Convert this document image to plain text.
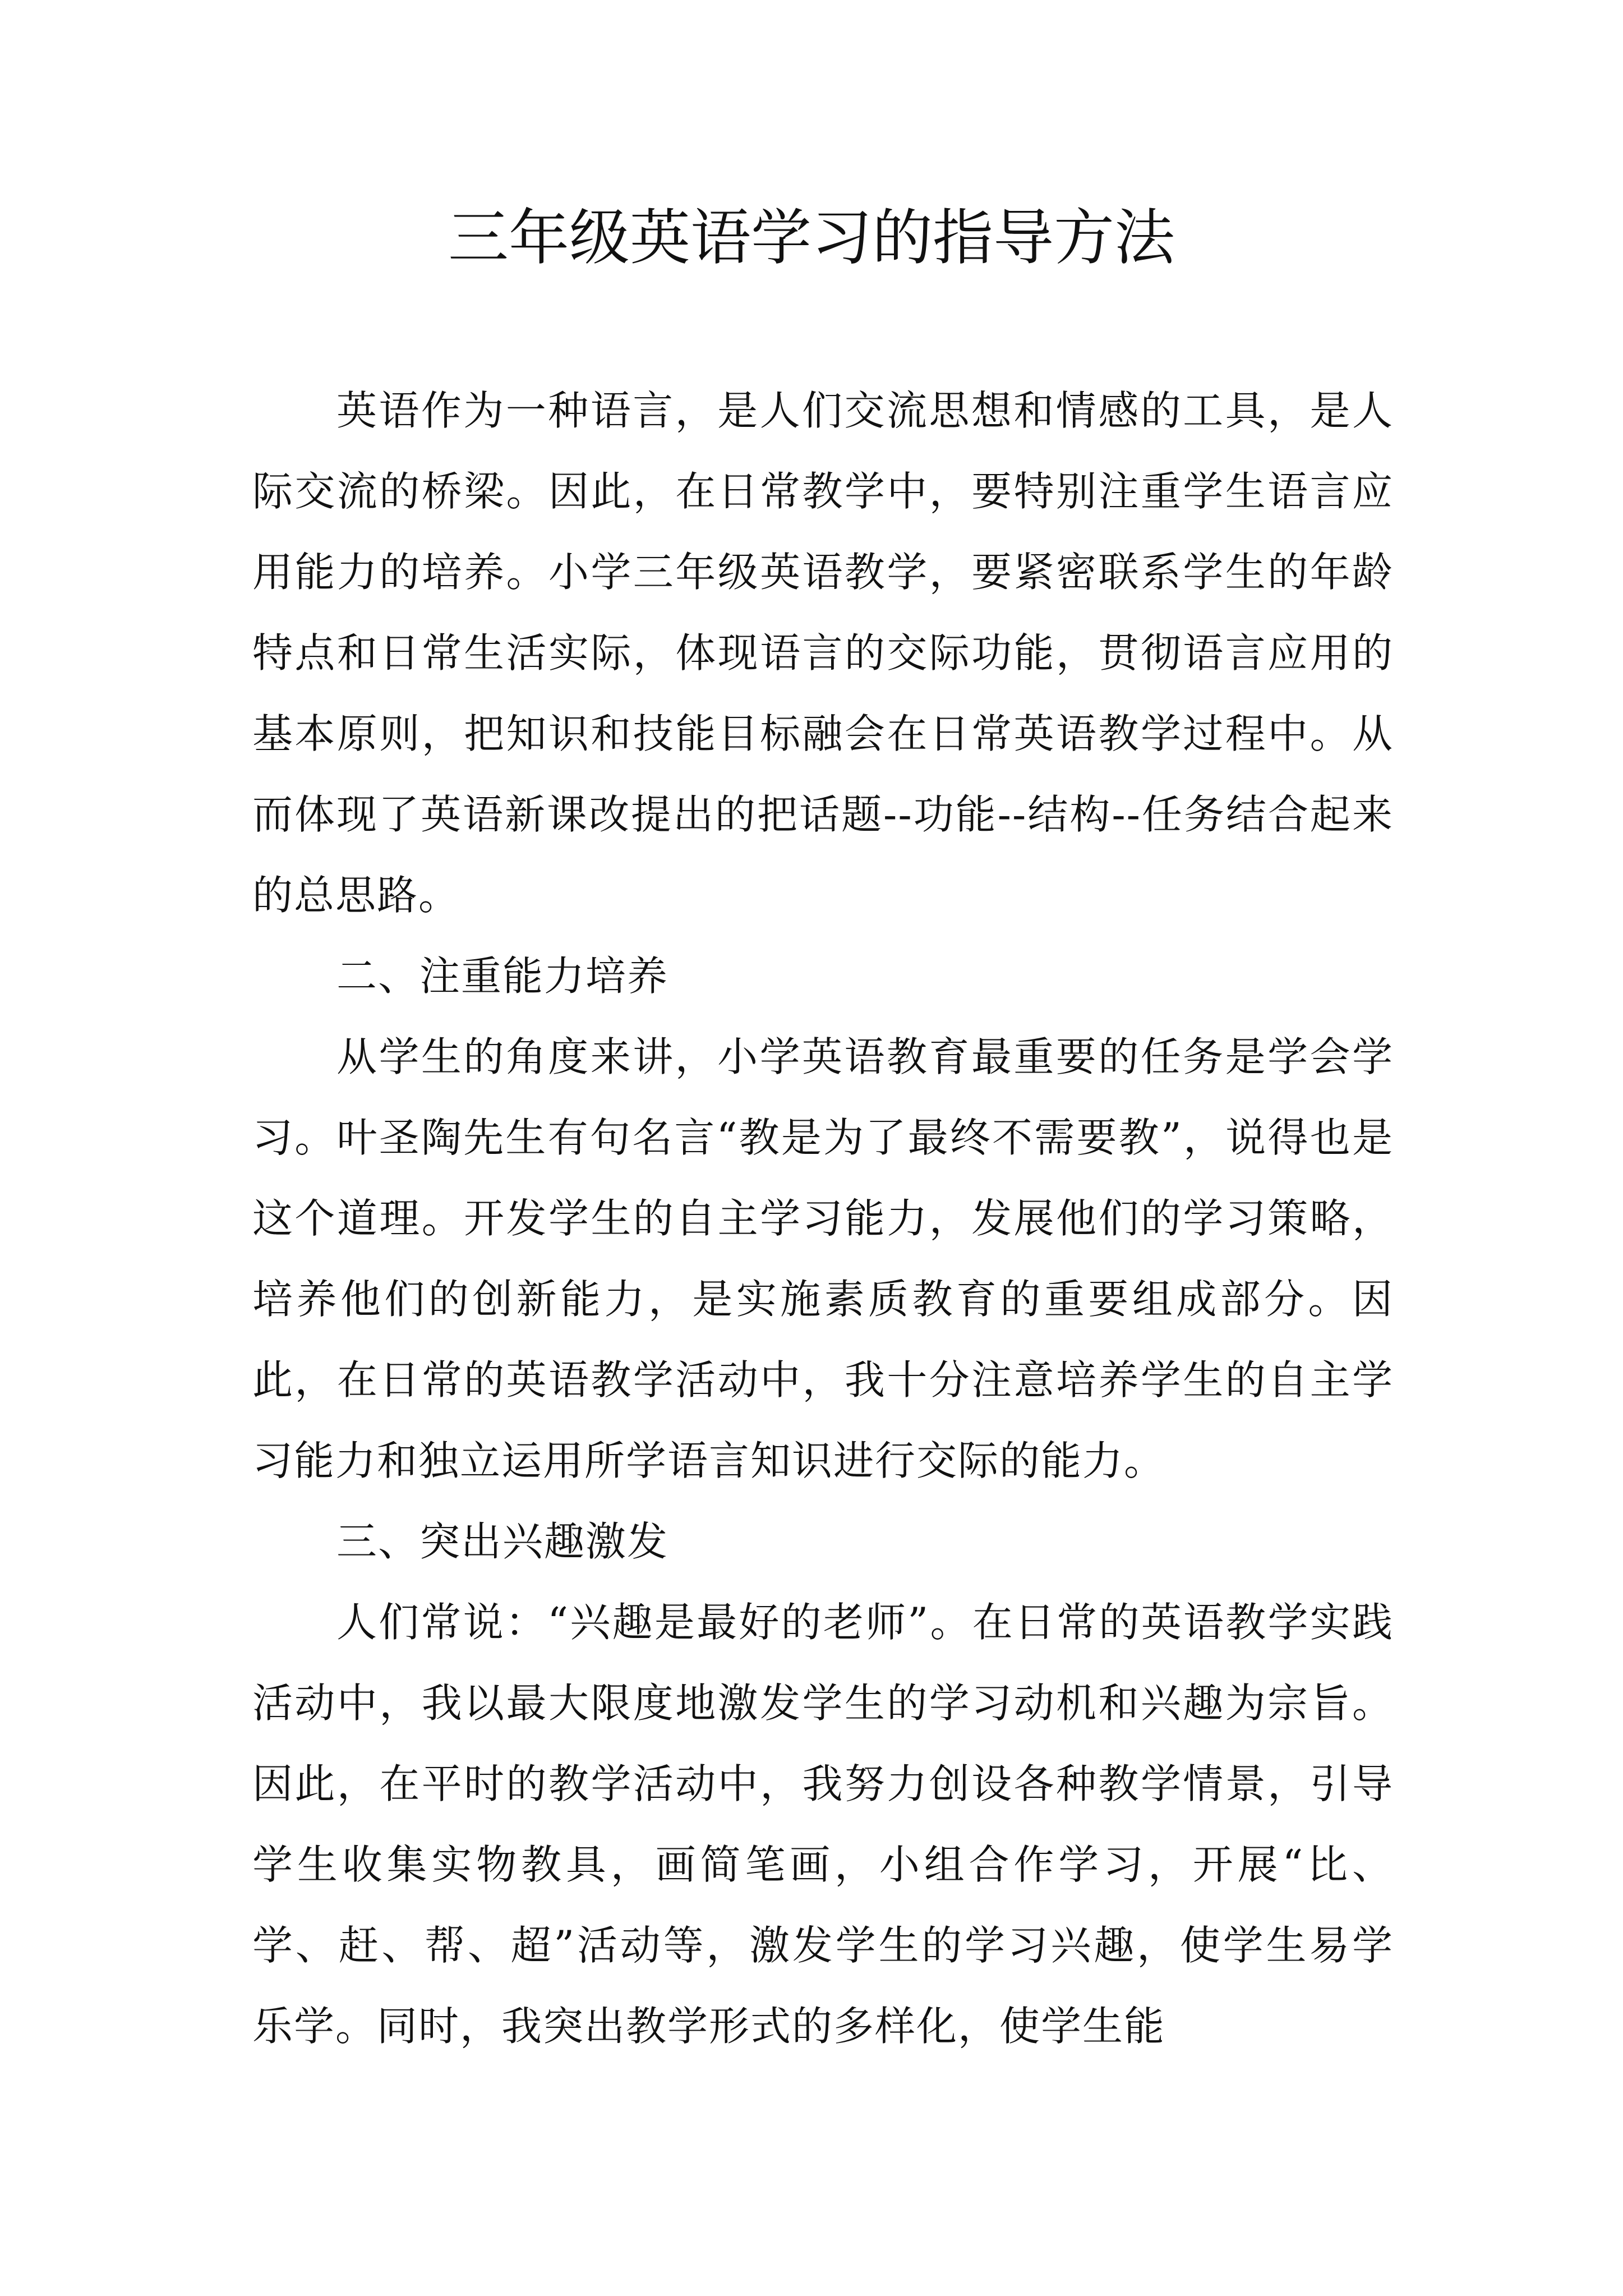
三年级英语学习的指导方法

英语作为一种语言，是人们交流思想和情感的工具，是人际交流的桥梁。因此，在日常教学中，要特别注重学生语言应用能力的培养。小学三年级英语教学，要紧密联系学生的年龄特点和日常生活实际，体现语言的交际功能，贯彻语言应用的基本原则，把知识和技能目标融会在日常英语教学过程中。从而体现了英语新课改提出的把话题--功能--结构--任务结合起来的总思路。

二、注重能力培养

从学生的角度来讲，小学英语教育最重要的任务是学会学习。叶圣陶先生有句名言“教是为了最终不需要教”，说得也是这个道理。开发学生的自主学习能力，发展他们的学习策略，培养他们的创新能力，是实施素质教育的重要组成部分。因此，在日常的英语教学活动中，我十分注意培养学生的自主学习能力和独立运用所学语言知识进行交际的能力。

三、突出兴趣激发

人们常说：“兴趣是最好的老师”。在日常的英语教学实践活动中，我以最大限度地激发学生的学习动机和兴趣为宗旨。因此，在平时的教学活动中，我努力创设各种教学情景，引导学生收集实物教具，画简笔画，小组合作学习，开展“比、学、赶、帮、超”活动等，激发学生的学习兴趣，使学生易学乐学。同时，我突出教学形式的多样化，使学生能
